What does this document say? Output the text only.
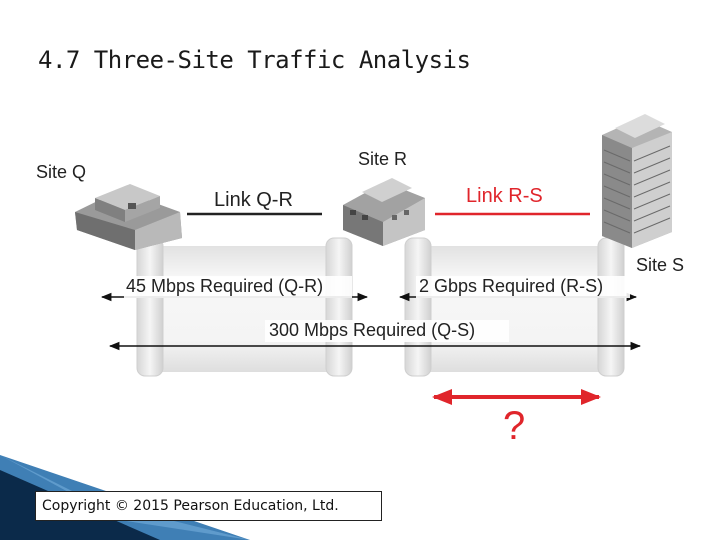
4.7 Three-Site Traffic Analysis
Site Q
Site R
Site S
Link Q-R	Link R-S
45 Mbps Required (Q-R)	2 Gbps Required (R-S)
300 Mbps Required (Q-S)
?
Copyright © 2015 Pearson Education, Ltd.
